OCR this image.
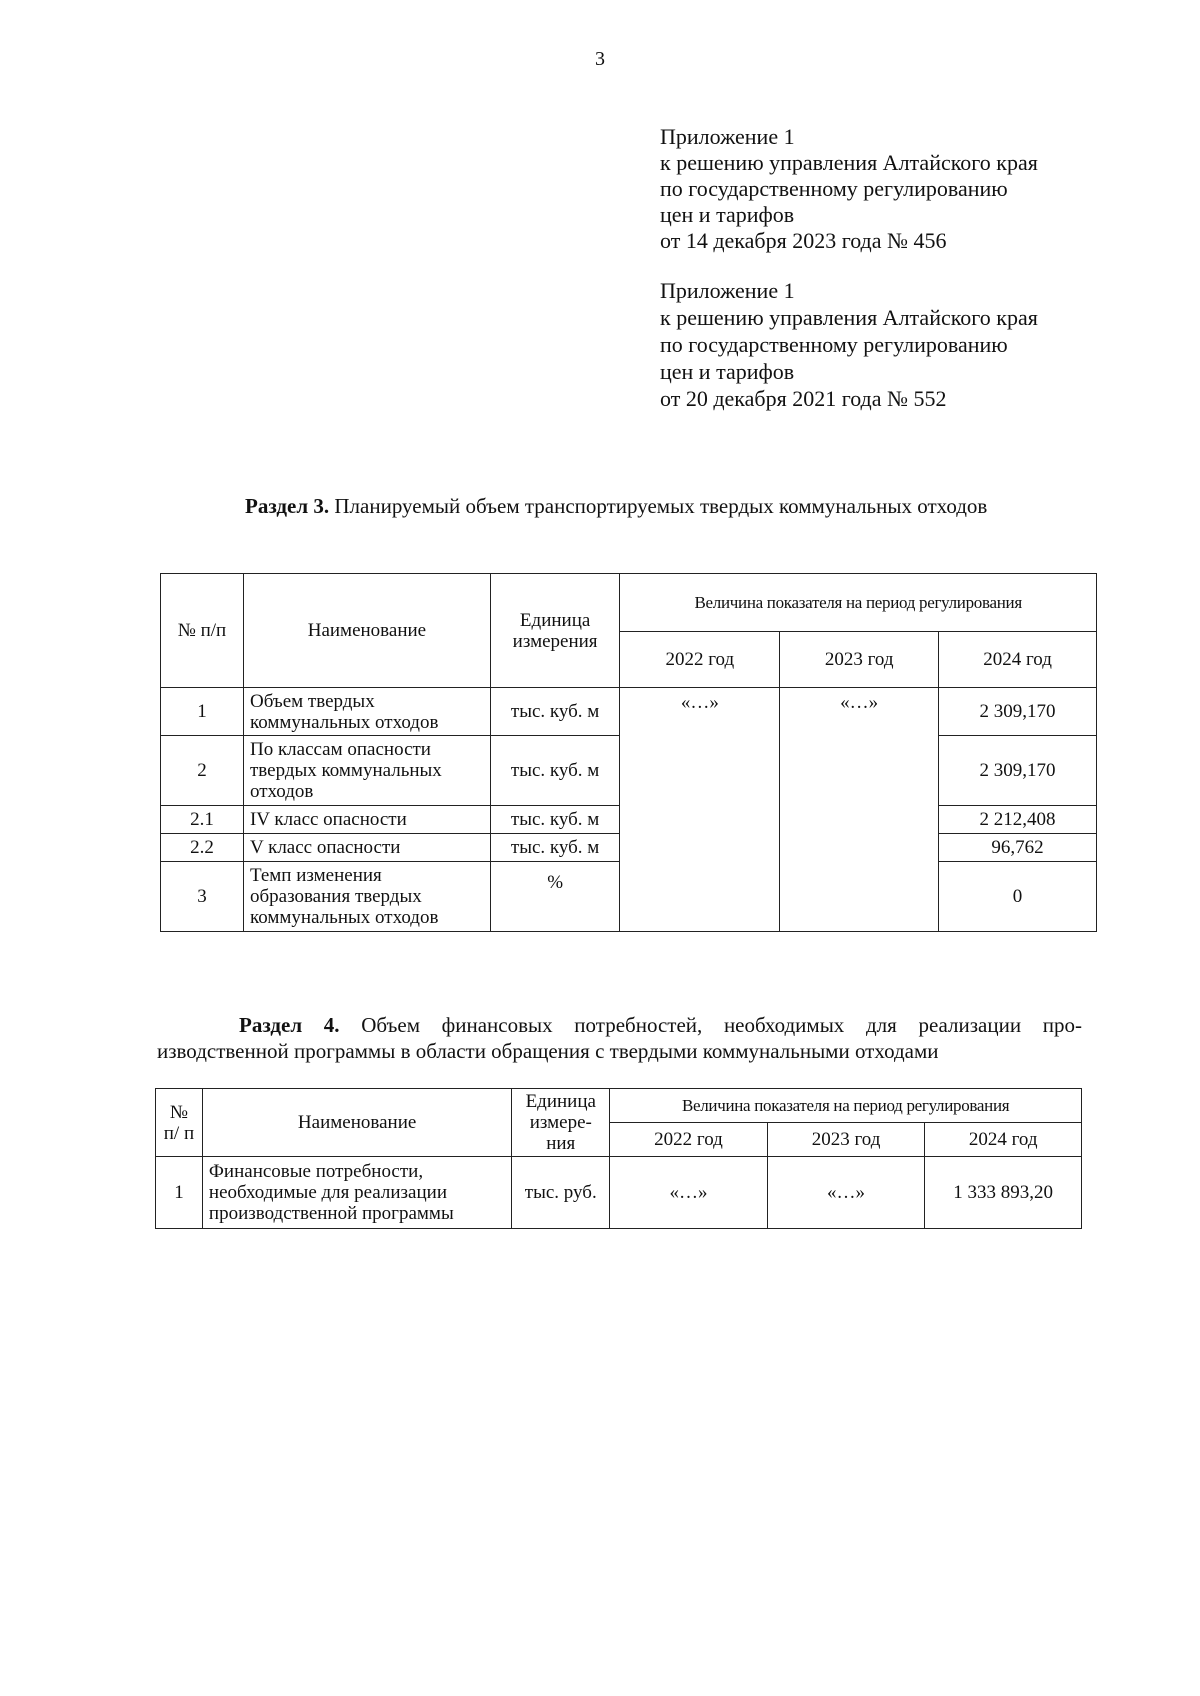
3
Приложение 1
к решению управления Алтайского края
по государственному регулированию
цен и тарифов
от 14 декабря 2023 года № 456
Приложение 1
к решению управления Алтайского края
по государственному регулированию
цен и тарифов
от 20 декабря 2021 года № 552
Раздел 3. Планируемый объем транспортируемых твердых коммунальных отходов
№ п/п	Наименование	Единица измерения	Величина показателя на период регулирования		
			2022 год	2023 год	2024 год
1	Объем твердых коммунальных отходов	тыс. куб. м	«…»	«…»	2 309,170
2	По классам опасности твердых коммунальных отходов	тыс. куб. м			2 309,170
2.1	IV класс опасности	тыс. куб. м			2 212,408
2.2	V класс опасности	тыс. куб. м			96,762
3	Темп изменения образования твердых коммунальных отходов	%			0
Раздел 4. Объем финансовых потребностей, необходимых для реализации про-
изводственной программы в области обращения с твердыми коммунальными отходами
№ п/ п	Наименование	Единица измере- ния	Величина показателя на период регулирования		
			2022 год	2023 год	2024 год
1	Финансовые потребности, необходимые для реализации производственной программы	тыс. руб.	«…»	«…»	1 333 893,20
